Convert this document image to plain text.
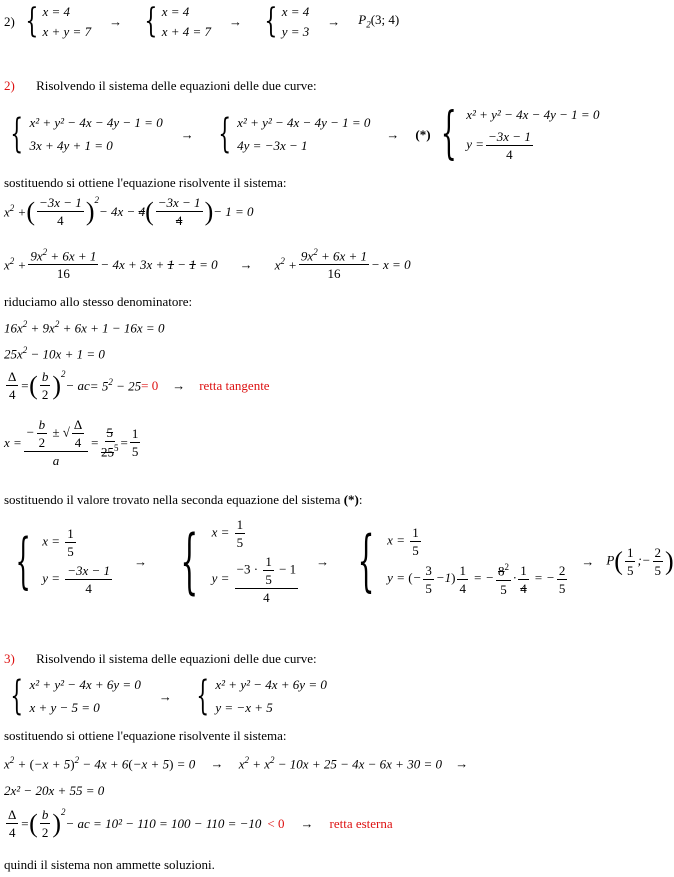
2) { x = 4
x + y = 7
→ { x = 4
x + 4 = 7
→ { x = 4
y = 3
→ $P_2(3$; 4)
2) Risolvendo il sistema delle equazioni delle due curve:
{ x² + y² − 4x − 4y − 1 = 0
3x + 4y + 1 = 0
→ { x² + y² − 4x − 4y − 1 = 0
4y = −3x − 1
→ (*) { x² + y² − 4x − 4y − 1 = 0
$y = \frac{-3x - 1}{4}$
sostituendo si ottiene l'equazione risolvente il sistema:
$x^2$ + ( $\frac{-3x - 1}{4} )^2$
− 4x − 4 ( $\frac{-3x - 1}{4}$ ) − 1 = 0
$x^2 + \frac{9x^2 + 6x + 1}{16} - 4x + 3x + 1 - 1 = 0 \to x^2 + \frac{9x^2 + 6x + 1}{16} - x = 0$
riduciamo allo stesso denominatore:
$16x^2 + 9x^2 + 6x + 1 - 16x = 0$
$25x^2 - 10x + 1 = 0$
$\frac{\Delta}{4}$ = ( $\frac{b}{2} )^2$
− ac = $5^2 - 25 = 0$ → retta tangente
$x = \frac{- \frac{b}{2} \pm √ \frac{\Delta}{4}}{a} = \frac{5}{25^5} = \frac{1}{5}$
sostituendo il valore trovato nella seconda equazione del sistema (*):
{ $x = \frac{1}{5}$
$y = \frac{-3x - 1}{4}$
→ { $x = \frac{1}{5}$
$y = \frac{-3 \cdot \frac{1}{5} - 1}{4}$ → { $x = \frac{1}{5}$
y = (− $\frac{3}{5} -1) \frac{1}{4}$ = − $\frac{8^2}{5} \cdot \frac{1}{4}$ = − $\frac{2}{5}$
→ $P( \frac{1}{5}$ ;− $\frac{2}{5}$ )
3) Risolvendo il sistema delle equazioni delle due curve:
{ x² + y² − 4x + 6y = 0
x + y − 5 = 0
→ { x² + y² − 4x + 6y = 0
y = −x + 5
sostituendo si ottiene l'equazione risolvente il sistema:
$x^2 + (-x + 5)^2 - 4x + 6(-x + 5) = 0 \to x^2 + x^2 - 10x + 25 - 4x - 6x + 30 = 0$ →
2x² − 20x + 55 = 0
$\frac{\Delta}{4}$ = ( $\frac{b}{2} )^2$
− ac = 10² − 110 = 100 − 110 = −10 < 0 → retta esterna
quindi il sistema non ammette soluzioni.
